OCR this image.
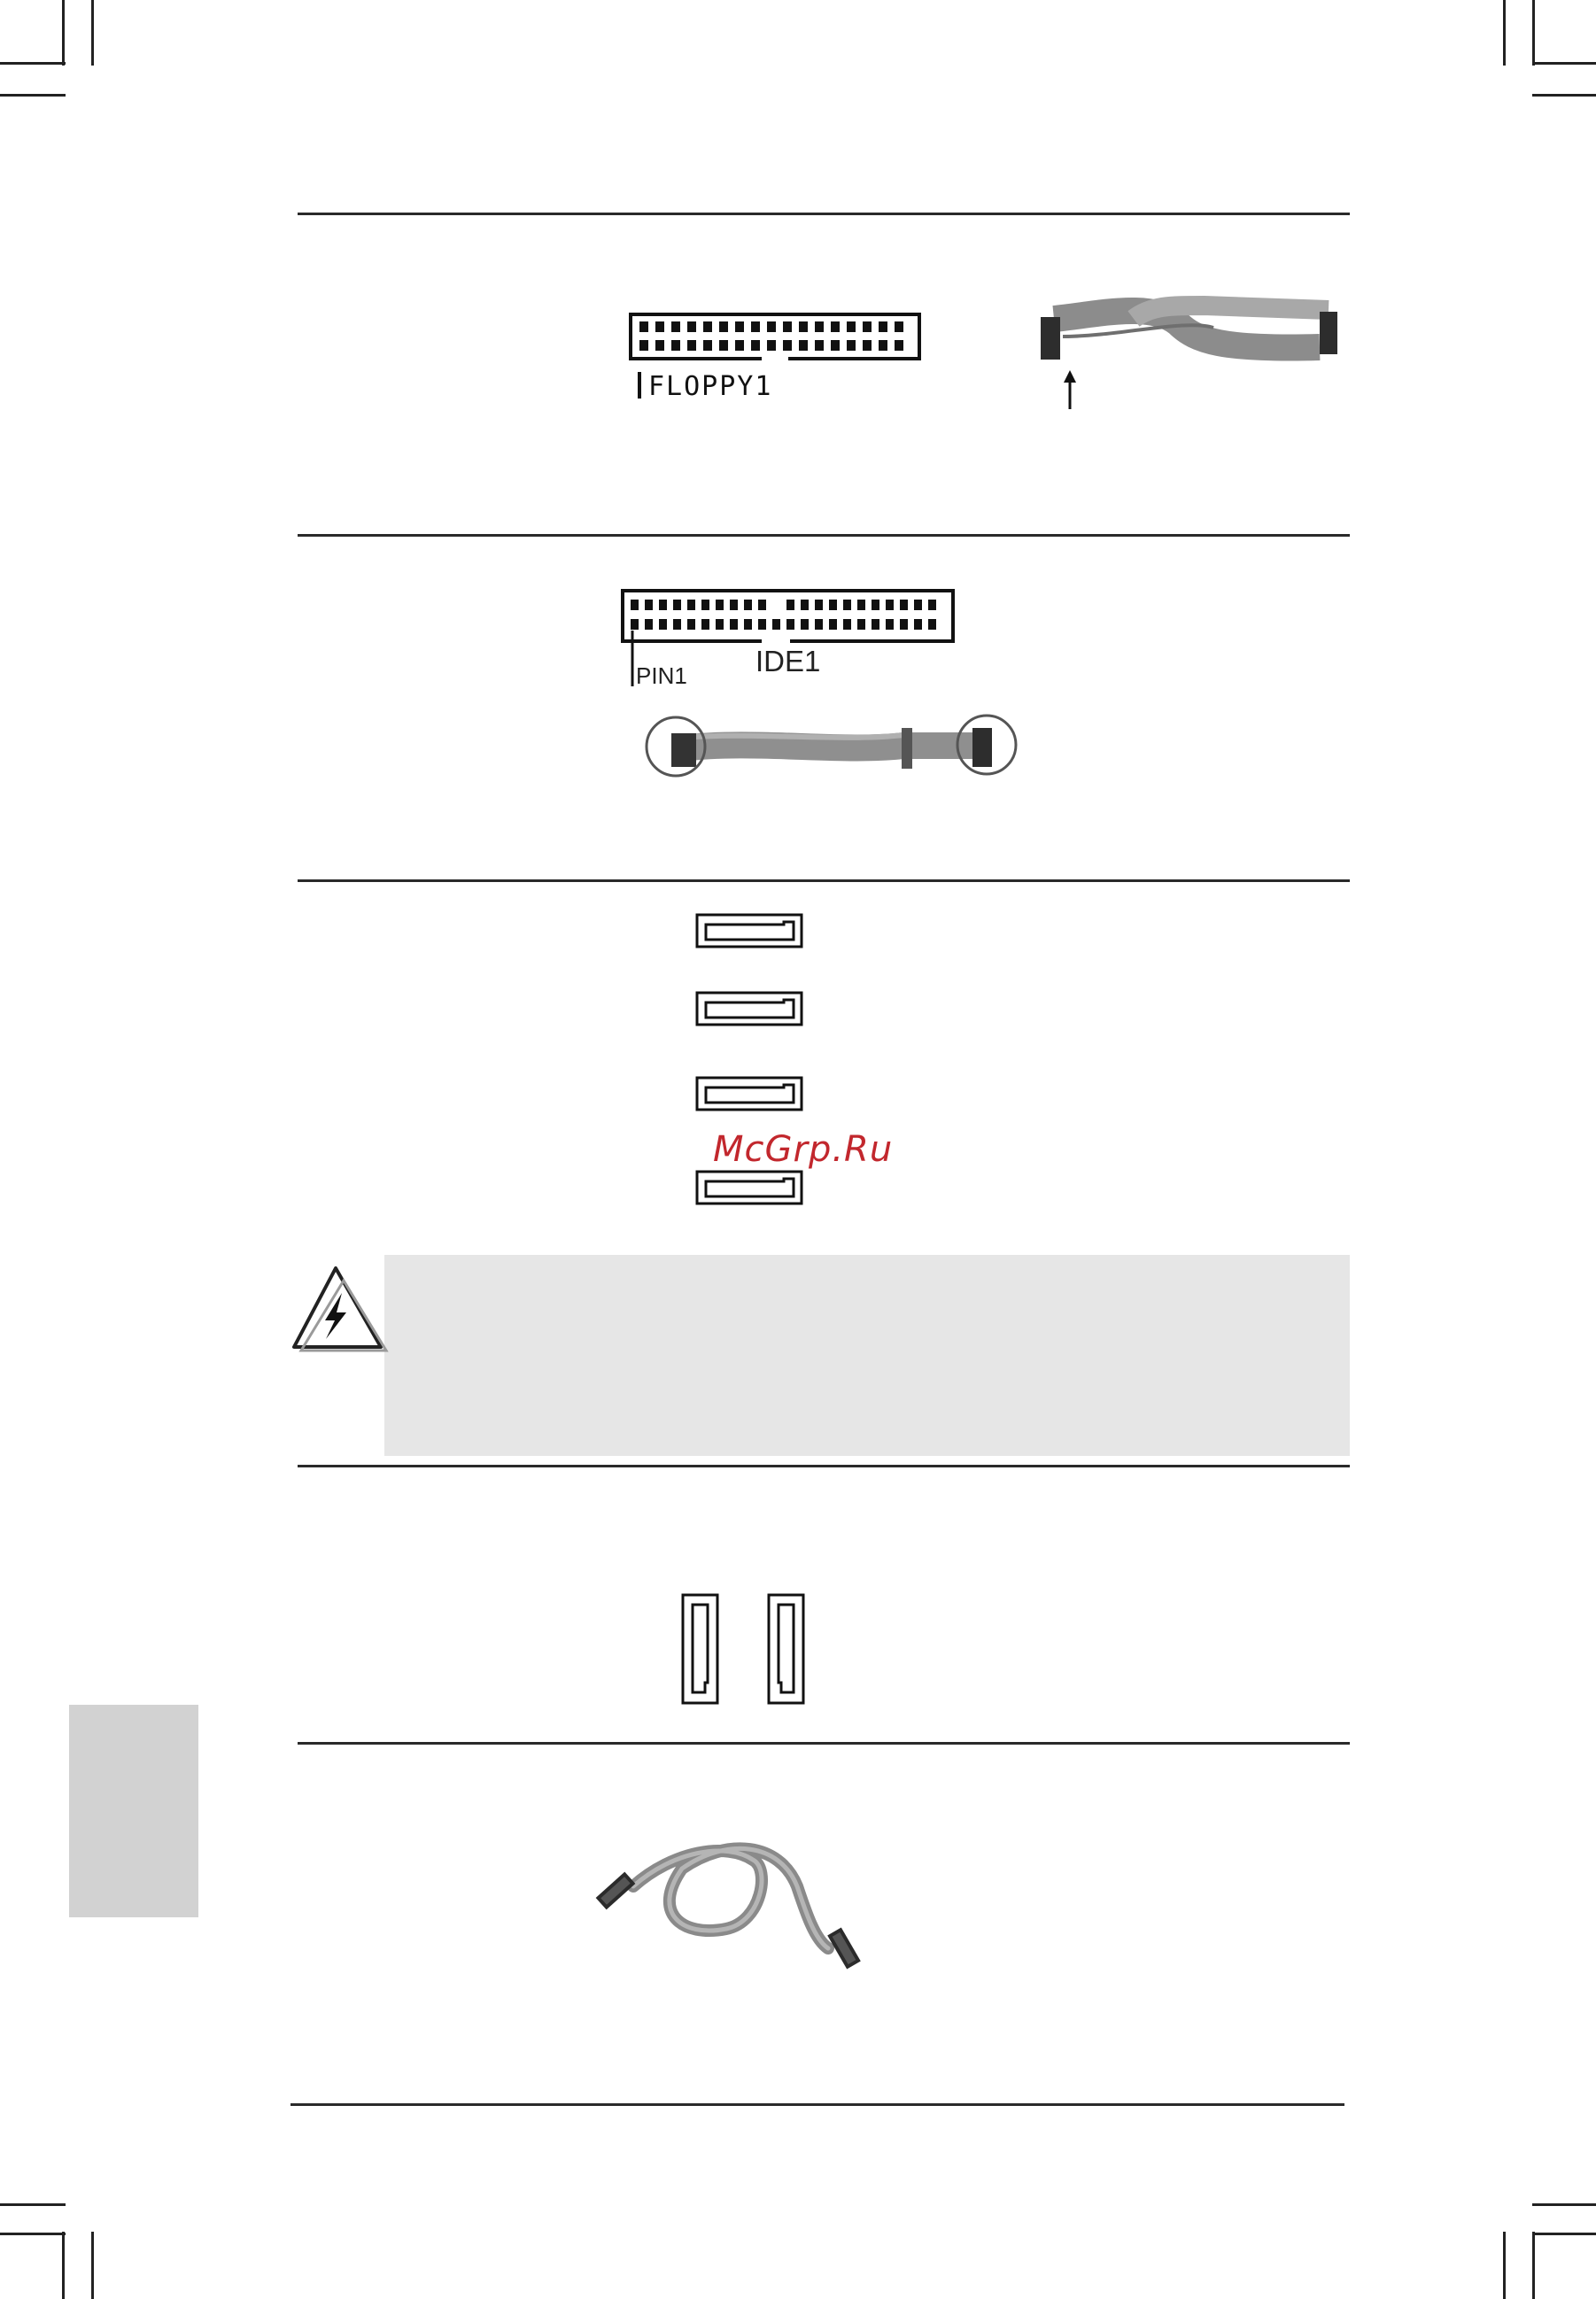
FLOPPY1
PIN1 IDE1
McGrp.Ru
